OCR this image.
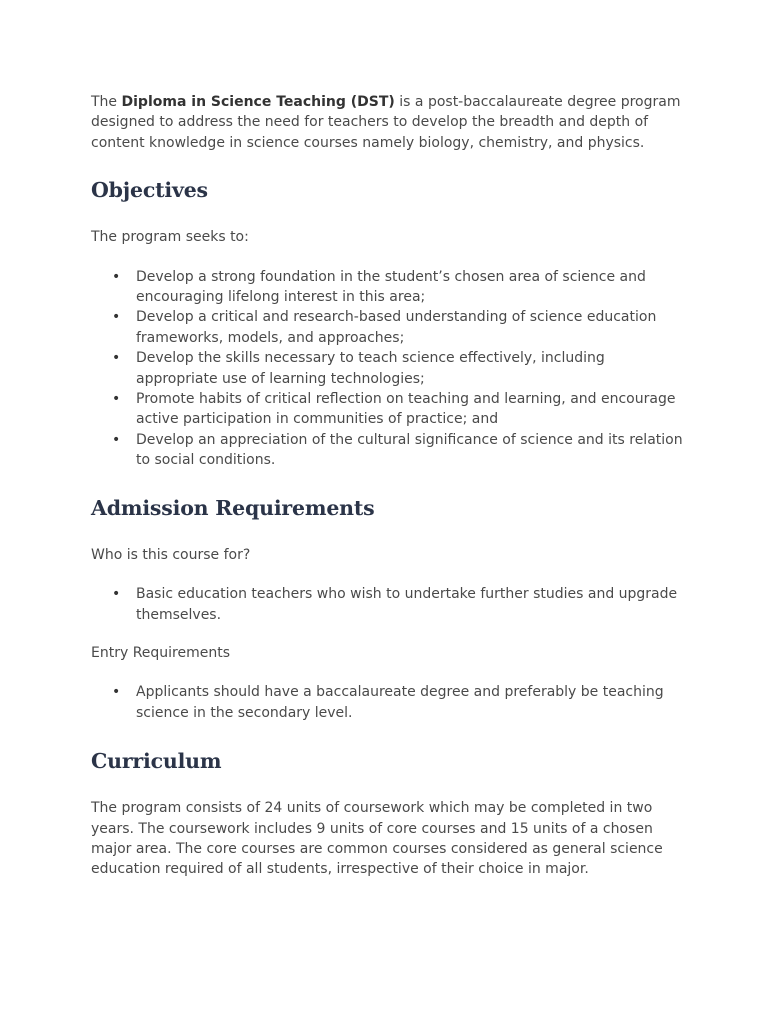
The Diploma in Science Teaching (DST) is a post-baccalaureate degree program designed to address the need for teachers to develop the breadth and depth of content knowledge in science courses namely biology, chemistry, and physics.

Objectives

The program seeks to:

• Develop a strong foundation in the student’s chosen area of science and encouraging lifelong interest in this area;
• Develop a critical and research-based understanding of science education frameworks, models, and approaches;
• Develop the skills necessary to teach science effectively, including appropriate use of learning technologies;
• Promote habits of critical reflection on teaching and learning, and encourage active participation in communities of practice; and
• Develop an appreciation of the cultural significance of science and its relation to social conditions.
Admission Requirements

Who is this course for?

• Basic education teachers who wish to undertake further studies and upgrade themselves.

Entry Requirements

• Applicants should have a baccalaureate degree and preferably be teaching science in the secondary level.
Curriculum

The program consists of 24 units of coursework which may be completed in two years. The coursework includes 9 units of core courses and 15 units of a chosen major area. The core courses are common courses considered as general science education required of all students, irrespective of their choice in major.
